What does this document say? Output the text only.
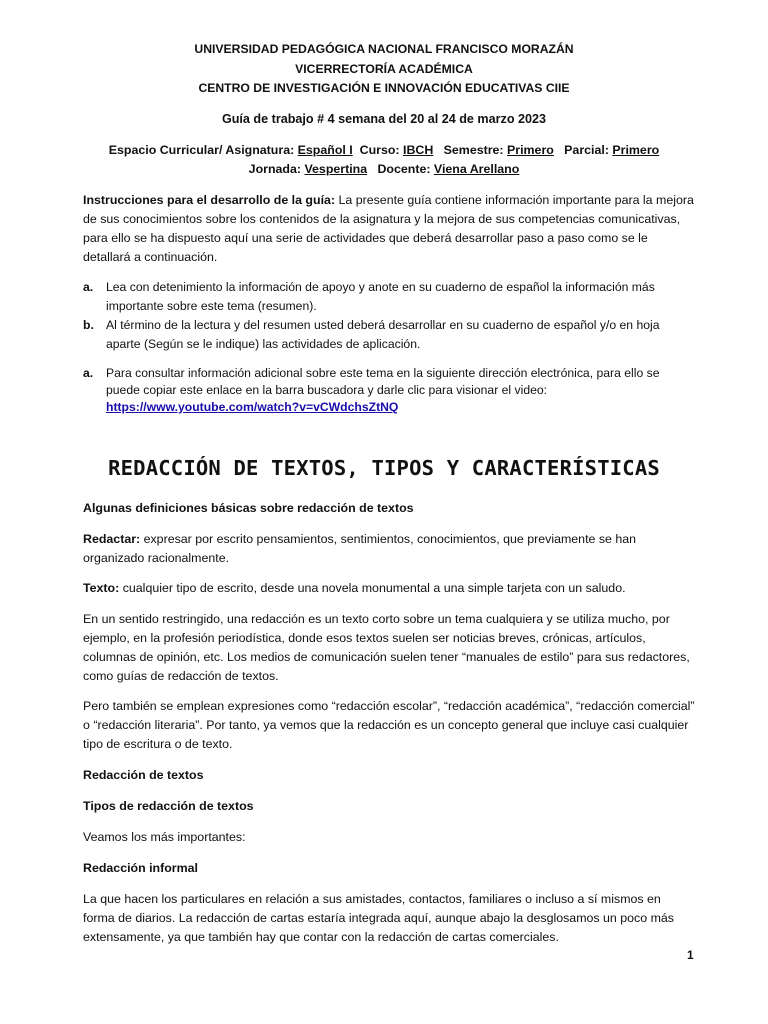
UNIVERSIDAD PEDAGÓGICA NACIONAL FRANCISCO MORAZÁN
VICERRECTORÍA ACADÉMICA
CENTRO DE INVESTIGACIÓN E INNOVACIÓN EDUCATIVAS CIIE
Guía de trabajo # 4 semana del 20 al 24 de marzo 2023
Espacio Curricular/ Asignatura: Español I  Curso: IBCH   Semestre: Primero   Parcial: Primero
Jornada: Vespertina   Docente: Viena Arellano

Instrucciones para el desarrollo de la guía: La presente guía contiene información importante para la mejora de sus conocimientos sobre los contenidos de la asignatura y la mejora de sus competencias comunicativas, para ello se ha dispuesto aquí una serie de actividades que deberá desarrollar paso a paso como se le detallará a continuación.

a. Lea con detenimiento la información de apoyo y anote en su cuaderno de español la información más importante sobre este tema (resumen).
b. Al término de la lectura y del resumen usted deberá desarrollar en su cuaderno de español y/o en hoja aparte (Según se le indique) las actividades de aplicación.
a. Para consultar información adicional sobre este tema en la siguiente dirección electrónica, para ello se puede copiar este enlace en la barra buscadora y darle clic para visionar el video:
https://www.youtube.com/watch?v=vCWdchsZtNQ
REDACCIÓN DE TEXTOS, TIPOS Y CARACTERÍSTICAS

Algunas definiciones básicas sobre redacción de textos

Redactar: expresar por escrito pensamientos, sentimientos, conocimientos, que previamente se han organizado racionalmente.

Texto: cualquier tipo de escrito, desde una novela monumental a una simple tarjeta con un saludo.

En un sentido restringido, una redacción es un texto corto sobre un tema cualquiera y se utiliza mucho, por ejemplo, en la profesión periodística, donde esos textos suelen ser noticias breves, crónicas, artículos, columnas de opinión, etc. Los medios de comunicación suelen tener “manuales de estilo” para sus redactores, como guías de redacción de textos.

Pero también se emplean expresiones como “redacción escolar”, “redacción académica”, “redacción comercial” o “redacción literaria”. Por tanto, ya vemos que la redacción es un concepto general que incluye casi cualquier tipo de escritura o de texto.

Redacción de textos

Tipos de redacción de textos

Veamos los más importantes:

Redacción informal

La que hacen los particulares en relación a sus amistades, contactos, familiares o incluso a sí mismos en forma de diarios. La redacción de cartas estaría integrada aquí, aunque abajo la desglosamos un poco más extensamente, ya que también hay que contar con la redacción de cartas comerciales.

1
